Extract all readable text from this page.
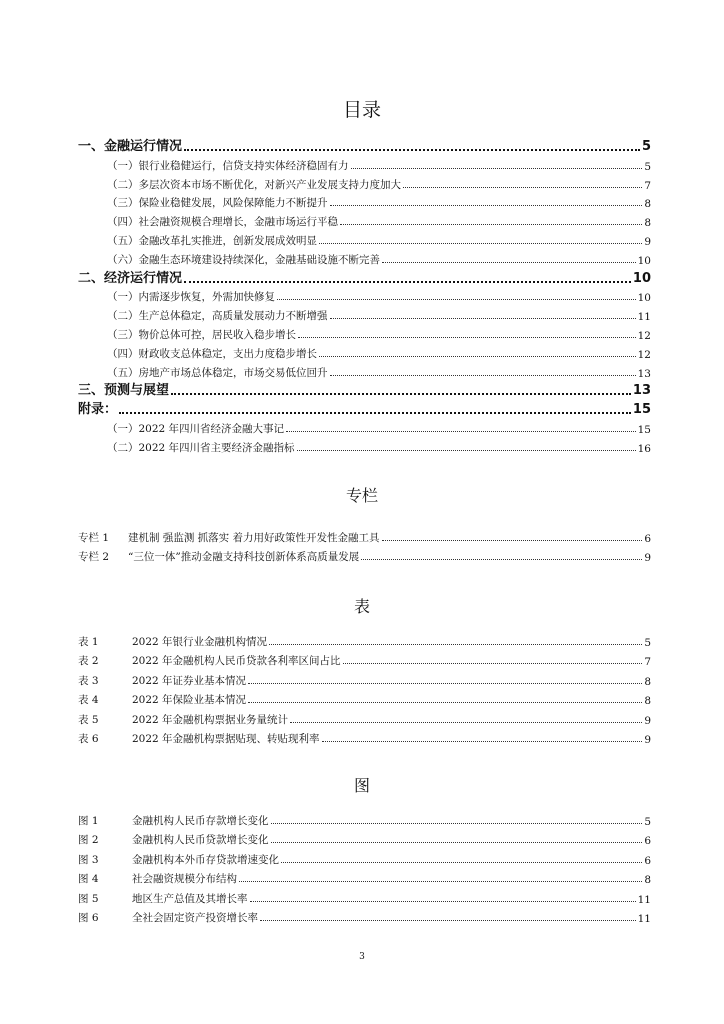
目录
一、金融运行情况	5
（一）银行业稳健运行，信贷支持实体经济稳固有力	5
（二）多层次资本市场不断优化，对新兴产业发展支持力度加大	7
（三）保险业稳健发展，风险保障能力不断提升	8
（四）社会融资规模合理增长，金融市场运行平稳	8
（五）金融改革扎实推进，创新发展成效明显	9
（六）金融生态环境建设持续深化，金融基础设施不断完善	10
二、经济运行情况	10
（一）内需逐步恢复，外需加快修复	10
（二）生产总体稳定，高质量发展动力不断增强	11
（三）物价总体可控，居民收入稳步增长	12
（四）财政收支总体稳定，支出力度稳步增长	12
（五）房地产市场总体稳定，市场交易低位回升	13
三、预测与展望	13
附录：	15
（一）2022 年四川省经济金融大事记	15
（二）2022 年四川省主要经济金融指标	16
专栏
专栏 1 建机制 强监测 抓落实 着力用好政策性开发性金融工具	6
专栏 2 “三位一体”推动金融支持科技创新体系高质量发展	9
表
表 1	2022 年银行业金融机构情况	5
表 2	2022 年金融机构人民币贷款各利率区间占比	7
表 3	2022 年证券业基本情况	8
表 4	2022 年保险业基本情况	8
表 5	2022 年金融机构票据业务量统计	9
表 6	2022 年金融机构票据贴现、转贴现利率	9
图
图 1	金融机构人民币存款增长变化	5
图 2	金融机构人民币贷款增长变化	6
图 3	金融机构本外币存贷款增速变化	6
图 4	社会融资规模分布结构	8
图 5	地区生产总值及其增长率	11
图 6	全社会固定资产投资增长率	11
3
